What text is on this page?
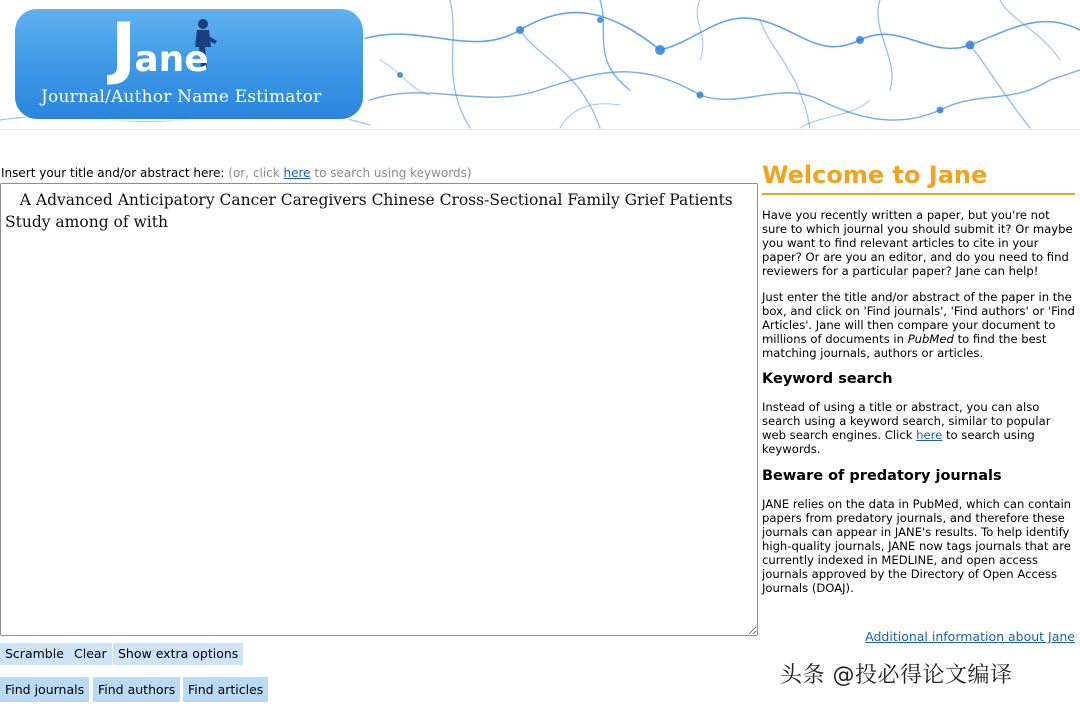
Jane
Journal/Author Name Estimator
Insert your title and/or abstract here: (or, click here to search using keywords)
A Advanced Anticipatory Cancer Caregivers Chinese Cross-Sectional Family Grief Patients Study among of with
Scramble Clear Show extra options
Find journals	Find authors	Find articles
Welcome to Jane

Have you recently written a paper, but you're not sure to which journal you should submit it? Or maybe you want to find relevant articles to cite in your paper? Or are you an editor, and do you need to find reviewers for a particular paper? Jane can help!

Just enter the title and/or abstract of the paper in the box, and click on 'Find journals', 'Find authors' or 'Find Articles'. Jane will then compare your document to millions of documents in PubMed to find the best matching journals, authors or articles.

Keyword search

Instead of using a title or abstract, you can also search using a keyword search, similar to popular web search engines. Click here to search using keywords.

Beware of predatory journals

JANE relies on the data in PubMed, which can contain papers from predatory journals, and therefore these journals can appear in JANE's results. To help identify high-quality journals, JANE now tags journals that are currently indexed in MEDLINE, and open access journals approved by the Directory of Open Access Journals (DOAJ).

Additional information about Jane
头条 @投必得论文编译
